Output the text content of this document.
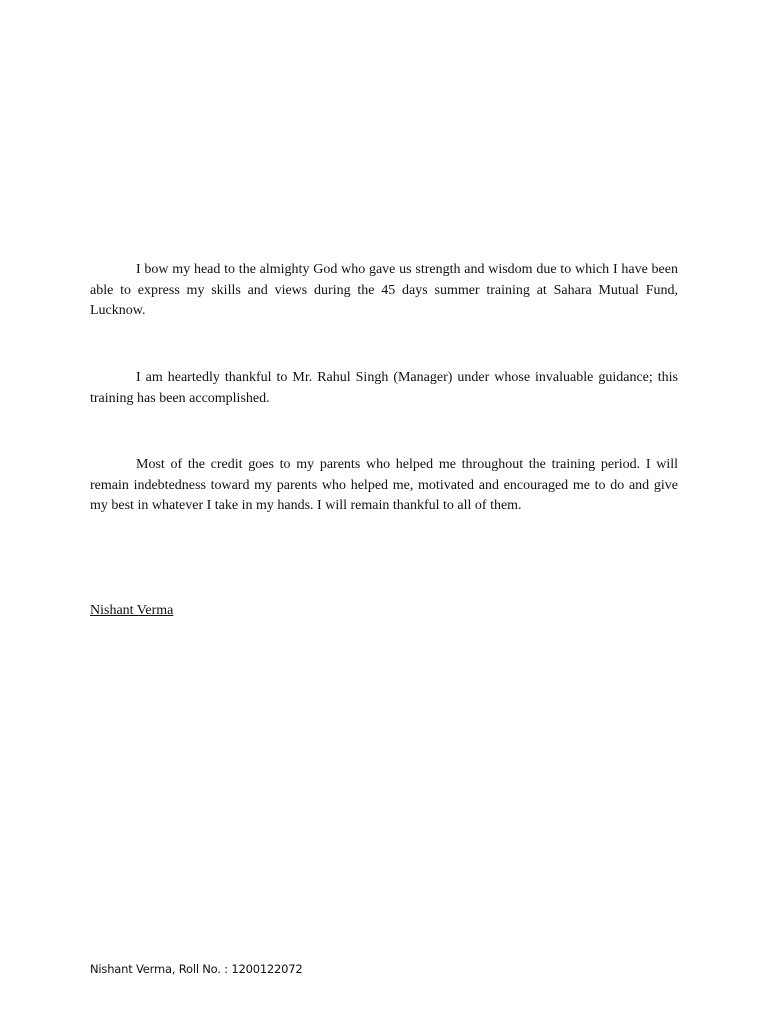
I bow my head to the almighty God who gave us strength and wisdom due to which I have been able to express my skills and views during the 45 days summer training at Sahara Mutual Fund, Lucknow.

I am heartedly thankful to Mr. Rahul Singh (Manager) under whose invaluable guidance; this training has been accomplished.

Most of the credit goes to my parents who helped me throughout the training period. I will remain indebtedness toward my parents who helped me, motivated and encouraged me to do and give my best in whatever I take in my hands. I will remain thankful to all of them.

Nishant Verma

Nishant Verma, Roll No. : 1200122072
